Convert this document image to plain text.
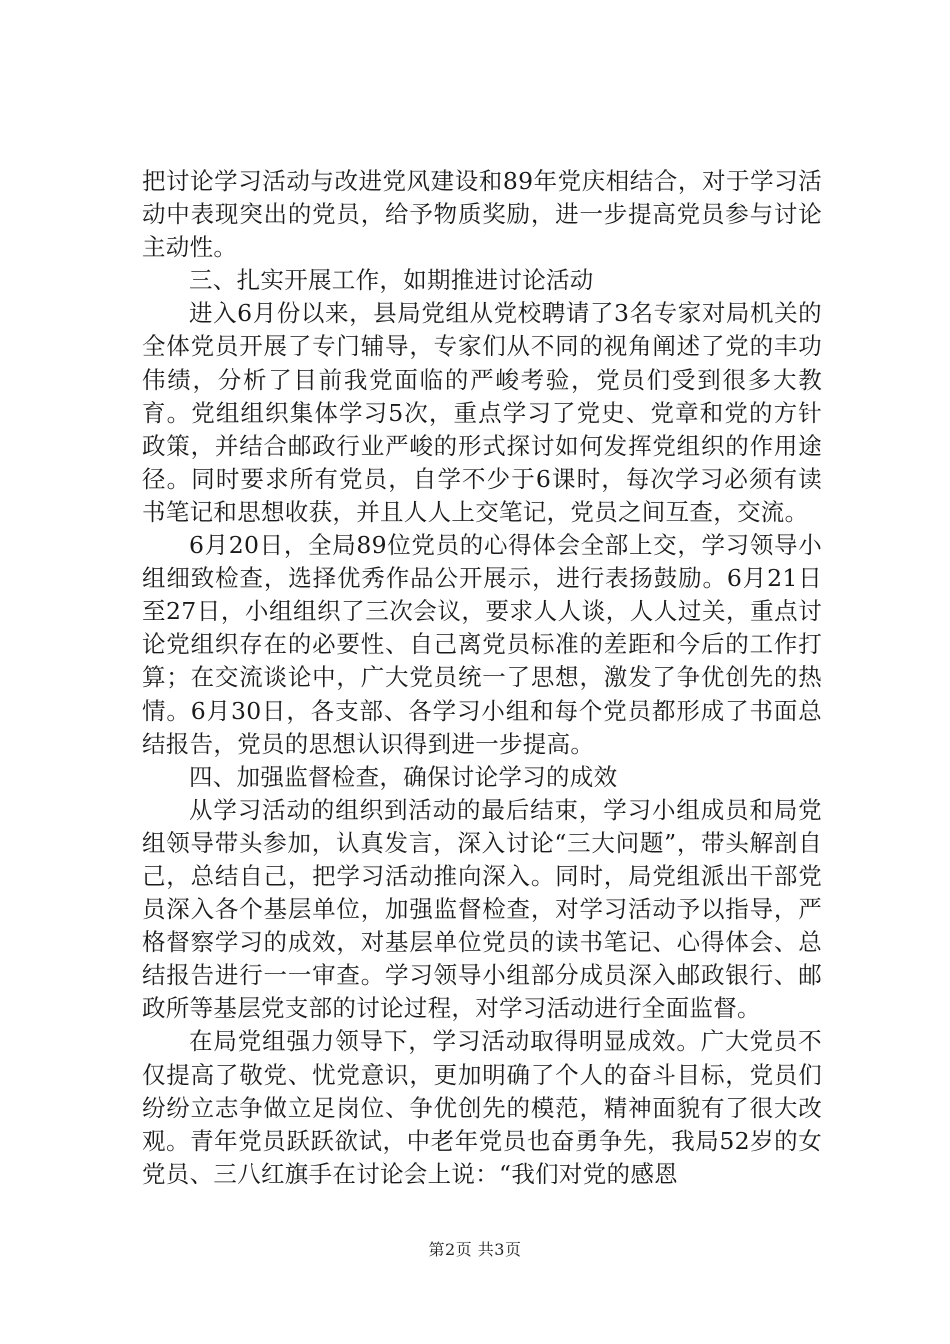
把讨论学习活动与改进党风建设和89年党庆相结合，对于学习活动中表现突出的党员，给予物质奖励，进一步提高党员参与讨论主动性。

三、扎实开展工作，如期推进讨论活动

进入6月份以来，县局党组从党校聘请了3名专家对局机关的全体党员开展了专门辅导，专家们从不同的视角阐述了党的丰功伟绩，分析了目前我党面临的严峻考验，党员们受到很多大教育。党组组织集体学习5次，重点学习了党史、党章和党的方针政策，并结合邮政行业严峻的形式探讨如何发挥党组织的作用途径。同时要求所有党员，自学不少于6课时，每次学习必须有读书笔记和思想收获，并且人人上交笔记，党员之间互查，交流。

6月20日，全局89位党员的心得体会全部上交，学习领导小组细致检查，选择优秀作品公开展示，进行表扬鼓励。6月21日至27日，小组组织了三次会议，要求人人谈，人人过关，重点讨论党组织存在的必要性、自己离党员标准的差距和今后的工作打算；在交流谈论中，广大党员统一了思想，激发了争优创先的热情。6月30日，各支部、各学习小组和每个党员都形成了书面总结报告，党员的思想认识得到进一步提高。

四、加强监督检查，确保讨论学习的成效

从学习活动的组织到活动的最后结束，学习小组成员和局党组领导带头参加，认真发言，深入讨论“三大问题”，带头解剖自己，总结自己，把学习活动推向深入。同时，局党组派出干部党员深入各个基层单位，加强监督检查，对学习活动予以指导，严格督察学习的成效，对基层单位党员的读书笔记、心得体会、总结报告进行一一审查。学习领导小组部分成员深入邮政银行、邮政所等基层党支部的讨论过程，对学习活动进行全面监督。

在局党组强力领导下，学习活动取得明显成效。广大党员不仅提高了敬党、忧党意识，更加明确了个人的奋斗目标，党员们纷纷立志争做立足岗位、争优创先的模范，精神面貌有了很大改观。青年党员跃跃欲试，中老年党员也奋勇争先，我局52岁的女党员、三八红旗手在讨论会上说：“我们对党的感恩

第2页 共3页
